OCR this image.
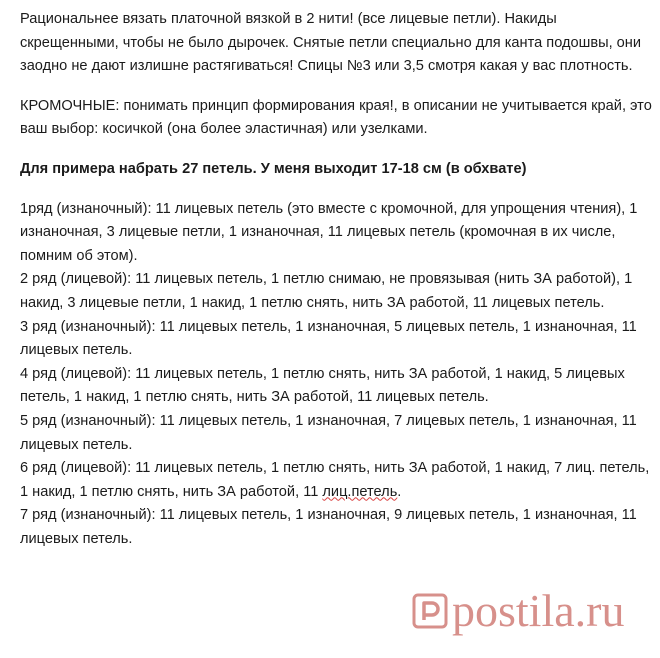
Рациональнее вязать платочной вязкой в 2 нити! (все лицевые петли). Накиды скрещенными, чтобы не было дырочек. Снятые петли специально для канта подошвы, они заодно не дают излишне растягиваться! Спицы №3 или 3,5 смотря какая у вас плотность.

КРОМОЧНЫЕ: понимать принцип формирования края!, в описании не учитывается край, это ваш выбор: косичкой (она более эластичная) или узелками.

Для примера набрать 27 петель. У меня выходит 17-18 см (в обхвате)

1ряд (изнаночный): 11 лицевых петель (это вместе с кромочной, для упрощения чтения), 1 изнаночная, 3 лицевые петли, 1 изнаночная, 11 лицевых петель (кромочная в их числе, помним об этом).

2 ряд (лицевой): 11 лицевых петель, 1 петлю снимаю, не провязывая (нить ЗА работой), 1 накид, 3 лицевые петли, 1 накид, 1 петлю снять, нить ЗА работой, 11 лицевых петель.

3 ряд (изнаночный): 11 лицевых петель, 1 изнаночная, 5 лицевых петель, 1 изнаночная, 11 лицевых петель.

4 ряд (лицевой): 11 лицевых петель, 1 петлю снять, нить ЗА работой, 1 накид, 5 лицевых петель, 1 накид, 1 петлю снять, нить ЗА работой, 11 лицевых петель.

5 ряд (изнаночный): 11 лицевых петель, 1 изнаночная, 7 лицевых петель, 1 изнаночная, 11 лицевых петель.

6 ряд (лицевой): 11 лицевых петель, 1 петлю снять, нить ЗА работой, 1 накид, 7 лиц. петель, 1 накид, 1 петлю снять, нить ЗА работой, 11 лиц.петель.

7 ряд (изнаночный): 11 лицевых петель, 1 изнаночная, 9 лицевых петель, 1 изнаночная, 11 лицевых петель.

postila.ru
